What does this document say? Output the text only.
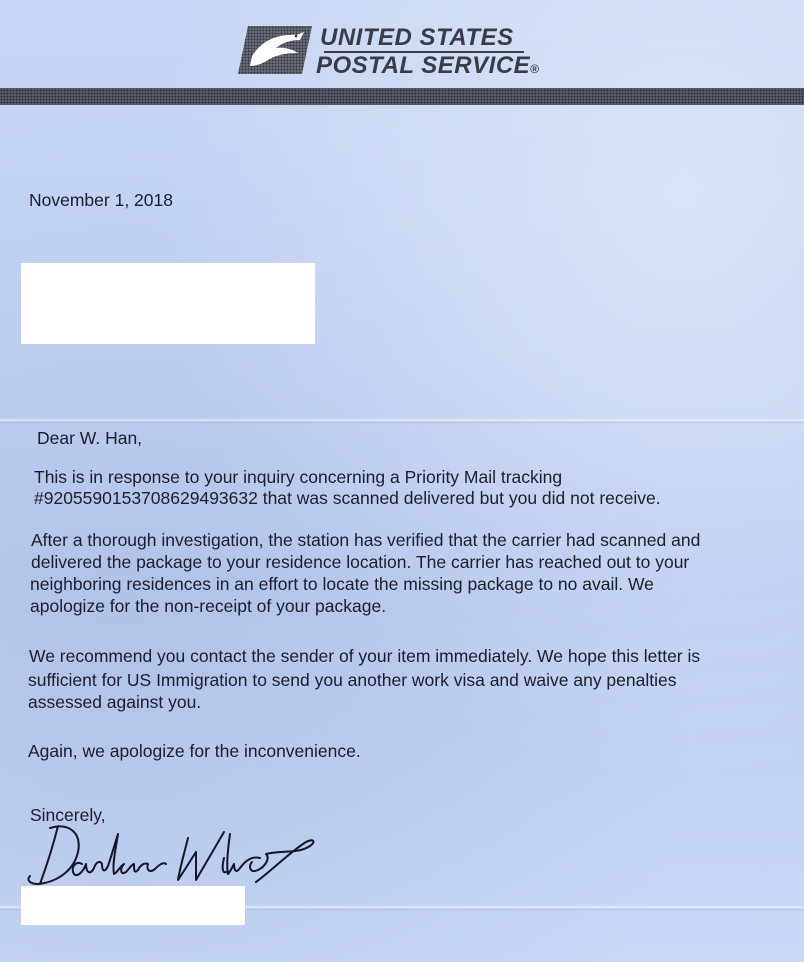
UNITED STATES
POSTAL SERVICE®
November 1, 2018
Dear W. Han,
This is in response to your inquiry concerning a Priority Mail tracking
#9205590153708629493632 that was scanned delivered but you did not receive.
After a thorough investigation, the station has verified that the carrier had scanned and
delivered the package to your residence location. The carrier has reached out to your
neighboring residences in an effort to locate the missing package to no avail. We
apologize for the non-receipt of your package.
We recommend you contact the sender of your item immediately. We hope this letter is
sufficient for US Immigration to send you another work visa and waive any penalties
assessed against you.
Again, we apologize for the inconvenience.
Sincerely,
